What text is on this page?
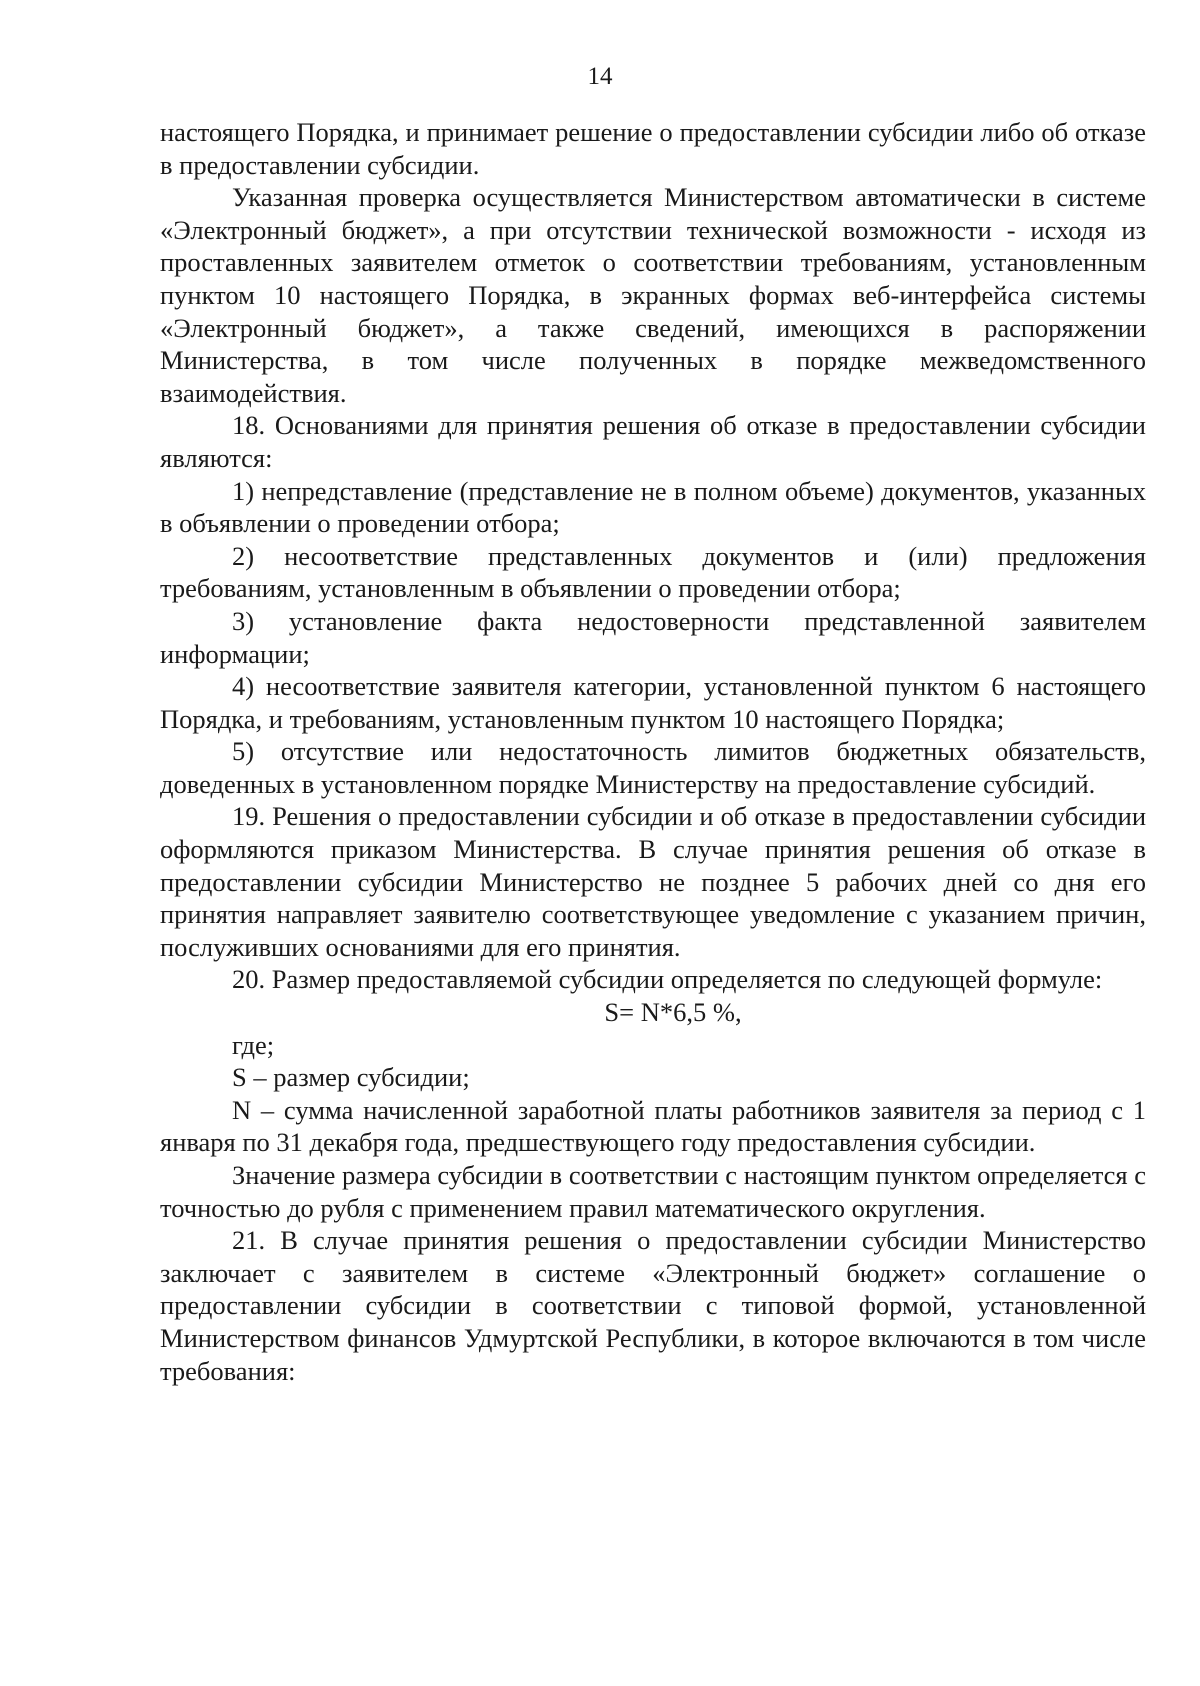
14

настоящего Порядка, и принимает решение о предоставлении субсидии либо об отказе в предоставлении субсидии.

Указанная проверка осуществляется Министерством автоматически в системе «Электронный бюджет», а при отсутствии технической возможности - исходя из проставленных заявителем отметок о соответствии требованиям, установленным пунктом 10 настоящего Порядка, в экранных формах веб-интерфейса системы «Электронный бюджет», а также сведений, имеющихся в распоряжении Министерства, в том числе полученных в порядке межведомственного взаимодействия.

18. Основаниями для принятия решения об отказе в предоставлении субсидии являются:

1) непредставление (представление не в полном объеме) документов, указанных в объявлении о проведении отбора;

2) несоответствие представленных документов и (или) предложения требованиям, установленным в объявлении о проведении отбора;

3) установление факта недостоверности представленной заявителем информации;

4) несоответствие заявителя категории, установленной пунктом 6 настоящего Порядка, и требованиям, установленным пунктом 10 настоящего Порядка;

5) отсутствие или недостаточность лимитов бюджетных обязательств, доведенных в установленном порядке Министерству на предоставление субсидий.

19. Решения о предоставлении субсидии и об отказе в предоставлении субсидии оформляются приказом Министерства. В случае принятия решения об отказе в предоставлении субсидии Министерство не позднее 5 рабочих дней со дня его принятия направляет заявителю соответствующее уведомление с указанием причин, послуживших основаниями для его принятия.

20. Размер предоставляемой субсидии определяется по следующей формуле:

S= N*6,5 %,

где;

S – размер субсидии;

N – сумма начисленной заработной платы работников заявителя за период с 1 января по 31 декабря года, предшествующего году предоставления субсидии.

Значение размера субсидии в соответствии с настоящим пунктом определяется с точностью до рубля с применением правил математического округления.

21. В случае принятия решения о предоставлении субсидии Министерство заключает с заявителем в системе «Электронный бюджет» соглашение о предоставлении субсидии в соответствии с типовой формой, установленной Министерством финансов Удмуртской Республики, в которое включаются в том числе требования:
